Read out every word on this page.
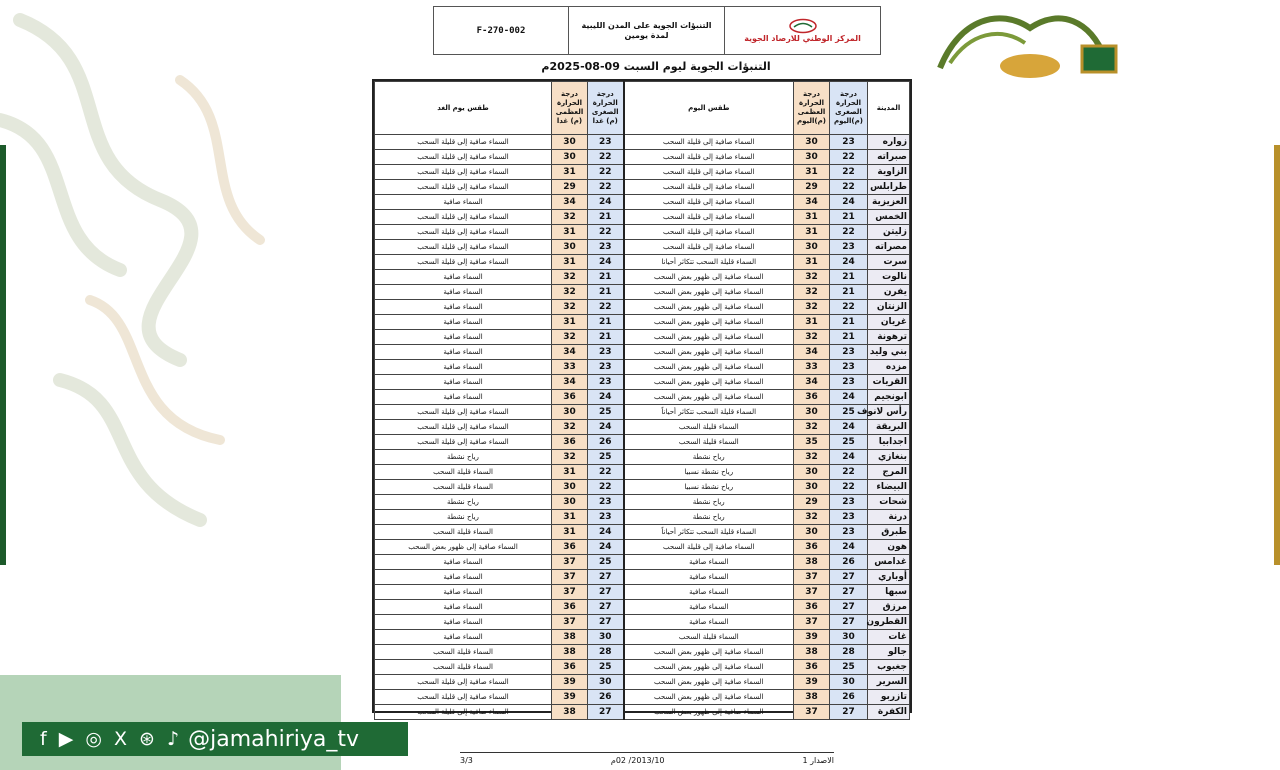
المركز الوطني للارصاد الجوية
التنبؤات الجوية على المدن الليبية
لمدة يومين
F-270-002
التنبؤات الجوية ليوم السبت 09-08-2025م
المدينة	درجة الحرارة الصغرى (م)اليوم	درجة الحرارة العظمى (م)اليوم	طقس اليوم	درجة الحرارة الصغرى (م) غدا	درجة الحرارة العظمى (م) غدا	طقس يوم الغد
زواره	23	30	السماء صافية إلى قليلة السحب	23	30	السماء صافية إلى قليلة السحب
صبراته	22	30	السماء صافية إلى قليلة السحب	22	30	السماء صافية إلى قليلة السحب
الزاوية	22	31	السماء صافية إلى قليلة السحب	22	31	السماء صافية إلى قليلة السحب
طرابلس	22	29	السماء صافية إلى قليلة السحب	22	29	السماء صافية إلى قليلة السحب
العزيزية	24	34	السماء صافية إلى قليلة السحب	24	34	السماء صافية
الخمس	21	31	السماء صافية إلى قليلة السحب	21	32	السماء صافية إلى قليلة السحب
زليتن	22	31	السماء صافية إلى قليلة السحب	22	31	السماء صافية إلى قليلة السحب
مصراته	23	30	السماء صافية إلى قليلة السحب	23	30	السماء صافية إلى قليلة السحب
سرت	24	31	السماء قليلة السحب تتكاثر أحيانا	24	31	السماء صافية إلى قليلة السحب
نالوت	21	32	السماء صافية إلى ظهور بعض السحب	21	32	السماء صافية
يفرن	21	32	السماء صافية إلى ظهور بعض السحب	21	32	السماء صافية
الزنتان	22	32	السماء صافية إلى ظهور بعض السحب	22	32	السماء صافية
غريان	21	31	السماء صافية إلى ظهور بعض السحب	21	31	السماء صافية
ترهونة	21	32	السماء صافية إلى ظهور بعض السحب	21	32	السماء صافية
بني وليد	23	34	السماء صافية إلى ظهور بعض السحب	23	34	السماء صافية
مزده	23	33	السماء صافية إلى ظهور بعض السحب	23	33	السماء صافية
القريات	23	34	السماء صافية إلى ظهور بعض السحب	23	34	السماء صافية
ابونجيم	24	36	السماء صافية إلى ظهور بعض السحب	24	36	السماء صافية
رأس لانوف	25	30	السماء قليلة السحب تتكاثر أحياناً	25	30	السماء صافية إلى قليلة السحب
البريقة	24	32	السماء قليلة السحب	24	32	السماء صافية إلى قليلة السحب
اجدابيا	25	35	السماء قليلة السحب	26	36	السماء صافية إلى قليلة السحب
بنغازي	24	32	رياح نشطة	25	32	رياح نشطة
المرج	22	30	رياح نشطة نسبيا	22	31	السماء قليلة السحب
البيضاء	22	30	رياح نشطة نسبيا	22	30	السماء قليلة السحب
شحات	23	29	رياح نشطة	23	30	رياح نشطة
درنة	23	32	رياح نشطة	23	31	رياح نشطة
طبرق	23	30	السماء قليلة السحب تتكاثر أحياناً	24	31	السماء قليلة السحب
هون	24	36	السماء صافية إلى قليلة السحب	24	36	السماء صافية إلى ظهور بعض السحب
غدامس	26	38	السماء صافية	25	37	السماء صافية
أوباري	27	37	السماء صافية	27	37	السماء صافية
سبها	27	37	السماء صافية	27	37	السماء صافية
مرزق	27	36	السماء صافية	27	36	السماء صافية
القطرون	27	37	السماء صافية	27	37	السماء صافية
غات	30	39	السماء قليلة السحب	30	38	السماء صافية
جالو	28	38	السماء صافية إلى ظهور بعض السحب	28	38	السماء قليلة السحب
جغبوب	25	36	السماء صافية إلى ظهور بعض السحب	25	36	السماء قليلة السحب
السرير	30	39	السماء صافية إلى ظهور بعض السحب	30	39	السماء صافية إلى قليلة السحب
تازربو	26	38	السماء صافية إلى ظهور بعض السحب	26	39	السماء صافية إلى قليلة السحب
الكفرة	27	37	السماء صافية إلى ظهور بعض السحب	27	38	السماء صافية إلى قليلة السحب
f ▶ ◎ X ⊛ ♪ @jamahiriya_tv
الاصدار 1
2013/10/ 02م
3/3
